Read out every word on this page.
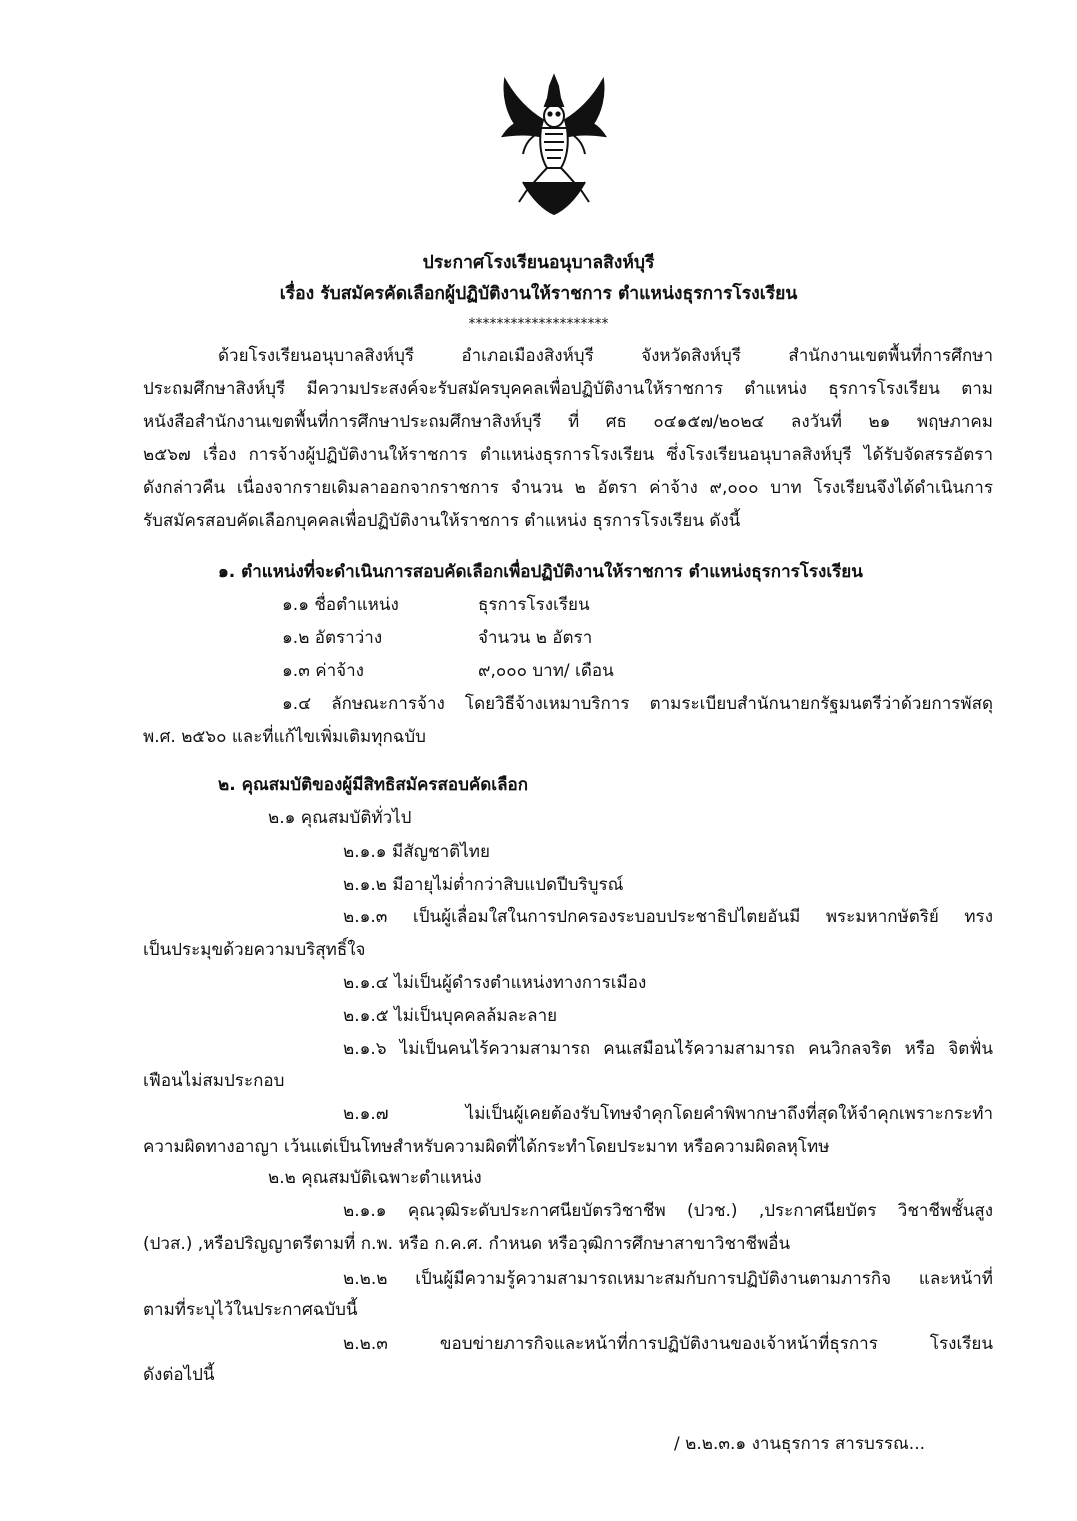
ประกาศโรงเรียนอนุบาลสิงห์บุรี
เรื่อง รับสมัครคัดเลือกผู้ปฏิบัติงานให้ราชการ ตำแหน่งธุรการโรงเรียน
********************
ด้วยโรงเรียนอนุบาลสิงห์บุรี อำเภอเมืองสิงห์บุรี จังหวัดสิงห์บุรี สำนักงานเขตพื้นที่การศึกษา
ประถมศึกษาสิงห์บุรี มีความประสงค์จะรับสมัครบุคคลเพื่อปฏิบัติงานให้ราชการ ตำแหน่ง ธุรการโรงเรียน ตาม
หนังสือสำนักงานเขตพื้นที่การศึกษาประถมศึกษาสิงห์บุรี ที่ ศธ ๐๔๑๕๗/๒๐๒๔ ลงวันที่ ๒๑ พฤษภาคม
๒๕๖๗ เรื่อง การจ้างผู้ปฏิบัติงานให้ราชการ ตำแหน่งธุรการโรงเรียน ซึ่งโรงเรียนอนุบาลสิงห์บุรี ได้รับจัดสรรอัตรา
ดังกล่าวคืน เนื่องจากรายเดิมลาออกจากราชการ จำนวน ๒ อัตรา ค่าจ้าง ๙,๐๐๐ บาท โรงเรียนจึงได้ดำเนินการ
รับสมัครสอบคัดเลือกบุคคลเพื่อปฏิบัติงานให้ราชการ ตำแหน่ง ธุรการโรงเรียน ดังนี้
๑. ตำแหน่งที่จะดำเนินการสอบคัดเลือกเพื่อปฏิบัติงานให้ราชการ ตำแหน่งธุรการโรงเรียน
๑.๑ ชื่อตำแหน่ง	ธุรการโรงเรียน
๑.๒ อัตราว่าง	จำนวน ๒ อัตรา
๑.๓ ค่าจ้าง	๙,๐๐๐ บาท/ เดือน
๑.๔ ลักษณะการจ้าง โดยวิธีจ้างเหมาบริการ ตามระเบียบสำนักนายกรัฐมนตรีว่าด้วยการพัสดุ
พ.ศ. ๒๕๖๐ และที่แก้ไขเพิ่มเติมทุกฉบับ
๒. คุณสมบัติของผู้มีสิทธิสมัครสอบคัดเลือก
๒.๑ คุณสมบัติทั่วไป
๒.๑.๑ มีสัญชาติไทย
๒.๑.๒ มีอายุไม่ต่ำกว่าสิบแปดปีบริบูรณ์
๒.๑.๓ เป็นผู้เลื่อมใสในการปกครองระบอบประชาธิปไตยอันมี พระมหากษัตริย์ ทรง
เป็นประมุขด้วยความบริสุทธิ์ใจ
๒.๑.๔ ไม่เป็นผู้ดำรงตำแหน่งทางการเมือง
๒.๑.๕ ไม่เป็นบุคคลล้มละลาย
๒.๑.๖ ไม่เป็นคนไร้ความสามารถ คนเสมือนไร้ความสามารถ คนวิกลจริต หรือ จิตฟั่น
เฟือนไม่สมประกอบ
๒.๑.๗ ไม่เป็นผู้เคยต้องรับโทษจำคุกโดยคำพิพากษาถึงที่สุดให้จำคุกเพราะกระทำ
ความผิดทางอาญา เว้นแต่เป็นโทษสำหรับความผิดที่ได้กระทำโดยประมาท หรือความผิดลหุโทษ
๒.๒ คุณสมบัติเฉพาะตำแหน่ง
๒.๑.๑ คุณวุฒิระดับประกาศนียบัตรวิชาชีพ (ปวช.) ,ประกาศนียบัตร วิชาชีพชั้นสูง
(ปวส.) ,หรือปริญญาตรีตามที่ ก.พ. หรือ ก.ค.ศ. กำหนด หรือวุฒิการศึกษาสาขาวิชาชีพอื่น
๒.๒.๒ เป็นผู้มีความรู้ความสามารถเหมาะสมกับการปฏิบัติงานตามภารกิจ และหน้าที่
ตามที่ระบุไว้ในประกาศฉบับนี้
๒.๒.๓ ขอบข่ายภารกิจและหน้าที่การปฏิบัติงานของเจ้าหน้าที่ธุรการ โรงเรียน
ดังต่อไปนี้
/ ๒.๒.๓.๑ งานธุรการ สารบรรณ...
